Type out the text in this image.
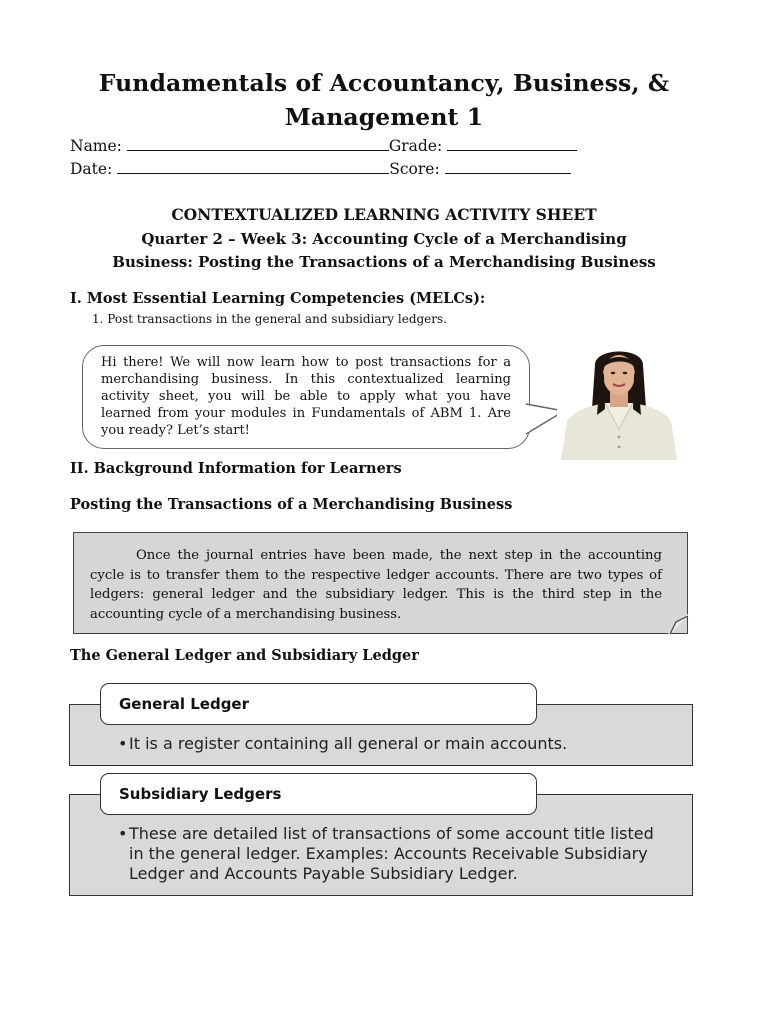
Fundamentals of Accountancy, Business, &
Management 1
Name:	Grade:
Date:	Score:
CONTEXTUALIZED LEARNING ACTIVITY SHEET
Quarter 2 – Week 3: Accounting Cycle of a Merchandising
Business: Posting the Transactions of a Merchandising Business
I. Most Essential Learning Competencies (MELCs):
1. Post transactions in the general and subsidiary ledgers.
Hi there! We will now learn how to post transactions for a merchandising business. In this contextualized learning activity sheet, you will be able to apply what you have learned from your modules in Fundamentals of ABM 1. Are you ready? Let’s start!
II. Background Information for Learners
Posting the Transactions of a Merchandising Business
Once the journal entries have been made, the next step in the accounting cycle is to transfer them to the respective ledger accounts. There are two types of ledgers: general ledger and the subsidiary ledger. This is the third step in the accounting cycle of a merchandising business.
The General Ledger and Subsidiary Ledger
General Ledger
• It is a register containing all general or main accounts.
Subsidiary Ledgers
• These are detailed list of transactions of some account title listed in the general ledger. Examples: Accounts Receivable Subsidiary Ledger and Accounts Payable Subsidiary Ledger.
